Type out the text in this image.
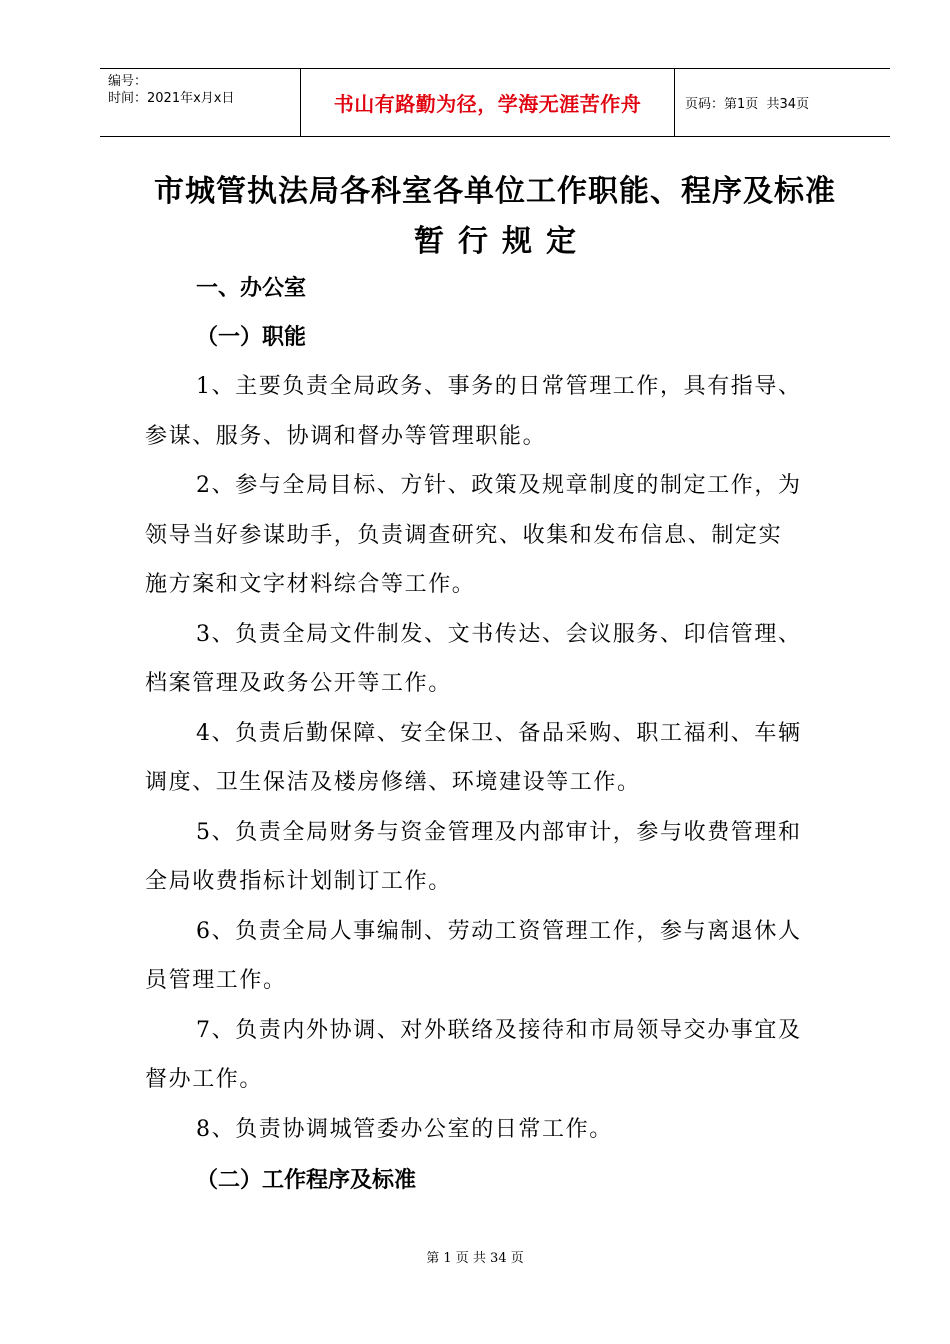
编号：
时间：2021年x月x日	书山有路勤为径，学海无涯苦作舟	页码：第1页  共34页
市城管执法局各科室各单位工作职能、程序及标准
暂行规定
一、办公室
（一）职能
1、主要负责全局政务、事务的日常管理工作，具有指导、
参谋、服务、协调和督办等管理职能。
2、参与全局目标、方针、政策及规章制度的制定工作，为
领导当好参谋助手，负责调查研究、收集和发布信息、制定实
施方案和文字材料综合等工作。
3、负责全局文件制发、文书传达、会议服务、印信管理、
档案管理及政务公开等工作。
4、负责后勤保障、安全保卫、备品采购、职工福利、车辆
调度、卫生保洁及楼房修缮、环境建设等工作。
5、负责全局财务与资金管理及内部审计，参与收费管理和
全局收费指标计划制订工作。
6、负责全局人事编制、劳动工资管理工作，参与离退休人
员管理工作。
7、负责内外协调、对外联络及接待和市局领导交办事宜及
督办工作。
8、负责协调城管委办公室的日常工作。
（二）工作程序及标准
第 1 页 共 34 页
